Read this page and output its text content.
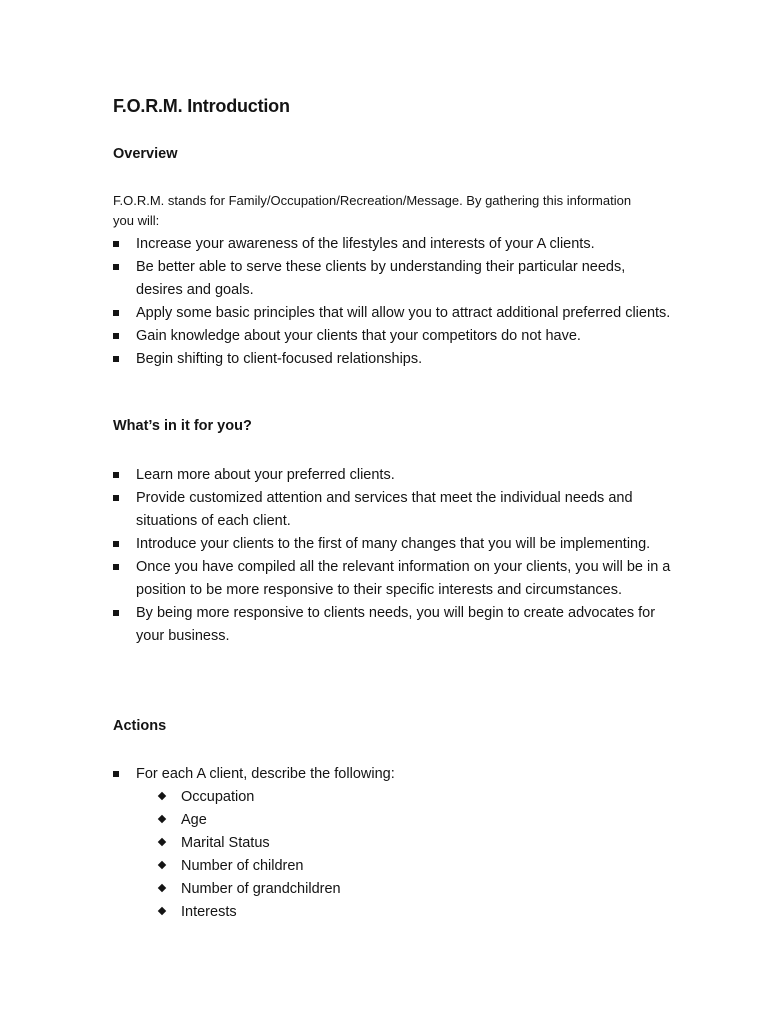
F.O.R.M. Introduction
Overview

F.O.R.M. stands for Family/Occupation/Recreation/Message. By gathering this information you will:

Increase your awareness of the lifestyles and interests of your A clients.
Be better able to serve these clients by understanding their particular needs, desires and goals.
Apply some basic principles that will allow you to attract additional preferred clients.
Gain knowledge about your clients that your competitors do not have.
Begin shifting to client-focused relationships.
What’s in it for you?
Learn more about your preferred clients.
Provide customized attention and services that meet the individual needs and situations of each client.
Introduce your clients to the first of many changes that you will be implementing.
Once you have compiled all the relevant information on your clients, you will be in a position to be more responsive to their specific interests and circumstances.
By being more responsive to clients needs, you will begin to create advocates for your business.
Actions
For each A client, describe the following:
Occupation
Age
Marital Status
Number of children
Number of grandchildren
Interests
